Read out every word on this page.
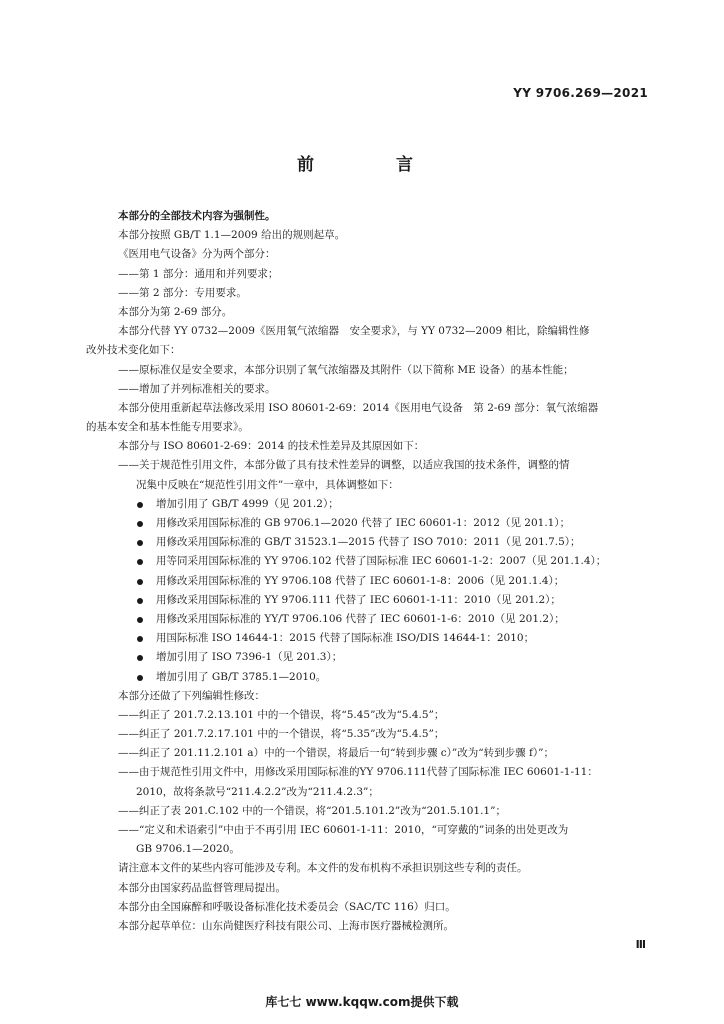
YY 9706.269—2021
前 言
本部分的全部技术内容为强制性。
本部分按照 GB/T 1.1—2009 给出的规则起草。
《医用电气设备》分为两个部分：
——第 1 部分：通用和并列要求；
——第 2 部分：专用要求。
本部分为第 2-69 部分。
本部分代替 YY 0732—2009《医用氧气浓缩器　安全要求》，与 YY 0732—2009 相比，除编辑性修
改外技术变化如下：
——原标准仅是安全要求，本部分识别了氧气浓缩器及其附件（以下简称 ME 设备）的基本性能；
——增加了并列标准相关的要求。
本部分使用重新起草法修改采用 ISO 80601-2-69：2014《医用电气设备　第 2-69 部分：氧气浓缩器
的基本安全和基本性能专用要求》。
本部分与 ISO 80601-2-69：2014 的技术性差异及其原因如下：
——关于规范性引用文件，本部分做了具有技术性差异的调整，以适应我国的技术条件，调整的情
况集中反映在“规范性引用文件”一章中，具体调整如下：
增加引用了 GB/T 4999（见 201.2）；
用修改采用国际标准的 GB 9706.1—2020 代替了 IEC 60601-1：2012（见 201.1）；
用修改采用国际标准的 GB/T 31523.1—2015 代替了 ISO 7010：2011（见 201.7.5）；
用等同采用国际标准的 YY 9706.102 代替了国际标准 IEC 60601-1-2：2007（见 201.1.4）；
用修改采用国际标准的 YY 9706.108 代替了 IEC 60601-1-8：2006（见 201.1.4）；
用修改采用国际标准的 YY 9706.111 代替了 IEC 60601-1-11：2010（见 201.2）；
用修改采用国际标准的 YY/T 9706.106 代替了 IEC 60601-1-6：2010（见 201.2）；
用国际标准 ISO 14644-1：2015 代替了国际标准 ISO/DIS 14644-1：2010；
增加引用了 ISO 7396-1（见 201.3）；
增加引用了 GB/T 3785.1—2010。
本部分还做了下列编辑性修改：
——纠正了 201.7.2.13.101 中的一个错误，将“5.45”改为“5.4.5”；
——纠正了 201.7.2.17.101 中的一个错误，将“5.35”改为“5.4.5”；
——纠正了 201.11.2.101 a）中的一个错误，将最后一句“转到步骤 c）”改为“转到步骤 f）”；
——由于规范性引用文件中，用修改采用国际标准的YY 9706.111代替了国际标准 IEC 60601-1-11：
2010，故将条款号“211.4.2.2”改为“211.4.2.3”；
——纠正了表 201.C.102 中的一个错误，将“201.5.101.2”改为“201.5.101.1”；
——“定义和术语索引”中由于不再引用 IEC 60601-1-11：2010，“可穿戴的”词条的出处更改为
GB 9706.1—2020。
请注意本文件的某些内容可能涉及专利。本文件的发布机构不承担识别这些专利的责任。
本部分由国家药品监督管理局提出。
本部分由全国麻醉和呼吸设备标准化技术委员会（SAC/TC 116）归口。
本部分起草单位：山东尚健医疗科技有限公司、上海市医疗器械检测所。
Ⅲ
库七七 www.kqqw.com提供下载
